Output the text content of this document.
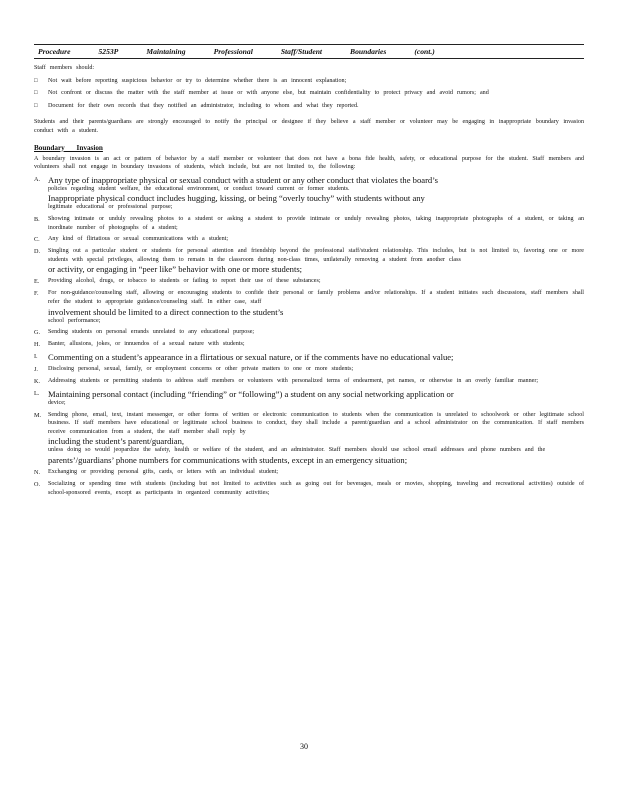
Procedure	5253P	Maintaining	Professional	Staff/Student	Boundaries	(cont.)

Staff members should:

□	Not wait before reporting suspicious behavior or try to determine whether there is an innocent explanation;
□	Not confront or discuss the matter with the staff member at issue or with anyone else, but maintain confidentiality to protect privacy and avoid rumors; and
□	Document for their own records that they notified an administrator, including to whom and what they reported.

Students and their parents/guardians are strongly encouraged to notify the principal or designee if they believe a staff member or volunteer may be engaging in inappropriate boundary invasion conduct with a student.

Boundary Invasion

A boundary invasion is an act or pattern of behavior by a staff member or volunteer that does not have a bona fide health, safety, or educational purpose for the student. Staff members and volunteers shall not engage in boundary invasions of students, which include, but are not limited to, the following:

A. Any type of inappropriate physical or sexual conduct with a student or any other conduct that violates the board’s
policies regarding student welfare, the educational environment, or conduct toward current or former students.
Inappropriate physical conduct includes hugging, kissing, or being “overly touchy” with students without any
legitimate educational or professional purpose;
B.	Showing intimate or unduly revealing photos to a student or asking a student to provide intimate or unduly revealing photos, taking inappropriate photographs of a student, or taking an inordinate number of photographs of a student;
C.	Any kind of flirtatious or sexual communications with a student;
D.	Singling out a particular student or students for personal attention and friendship beyond the professional staff/student relationship. This includes, but is not limited to, favoring one or more students with special privileges, allowing them to remain in the classroom during non-class times, unilaterally removing a student from another class
or activity, or engaging in “peer like” behavior with one or more students;
E.	Providing alcohol, drugs, or tobacco to students or failing to report their use of these substances;
F.	For non-guidance/counseling staff, allowing or encouraging students to confide their personal or family problems and/or relationships. If a student initiates such discussions, staff members shall refer the student to appropriate guidance/counseling staff. In either case, staff
involvement should be limited to a direct connection to the student’s
school performance;
G.	Sending students on personal errands unrelated to any educational purpose;
H.	Banter, allusions, jokes, or innuendos of a sexual nature with students;
I.	Commenting on a student’s appearance in a flirtatious or sexual nature, or if the comments have no educational value;
J.	Disclosing personal, sexual, family, or employment concerns or other private matters to one or more students;
K.	Addressing students or permitting students to address staff members or volunteers with personalized terms of endearment, pet names, or otherwise in an overly familiar manner;
L.	Maintaining personal contact (including “friending” or “following”) a student on any social networking application or
device;
M.	Sending phone, email, text, instant messenger, or other forms of written or electronic communication to students when the communication is unrelated to schoolwork or other legitimate school business. If staff members have educational or legitimate school business to conduct, they shall include a parent/guardian and a school administrator on the communication. If staff members receive communication from a student, the staff member shall reply by
including the student’s parent/guardian,
unless doing so would jeopardize the safety, health or welfare of the student, and an administrator. Staff members should use school email addresses and phone numbers and the
parents’/guardians’ phone numbers for communications with students, except in an emergency situation;
N.	Exchanging or providing personal gifts, cards, or letters with an individual student;
O.	Socializing or spending time with students (including but not limited to activities such as going out for beverages, meals or movies, shopping, traveling and recreational activities) outside of school-sponsored events, except as participants in organized community activities;
30
